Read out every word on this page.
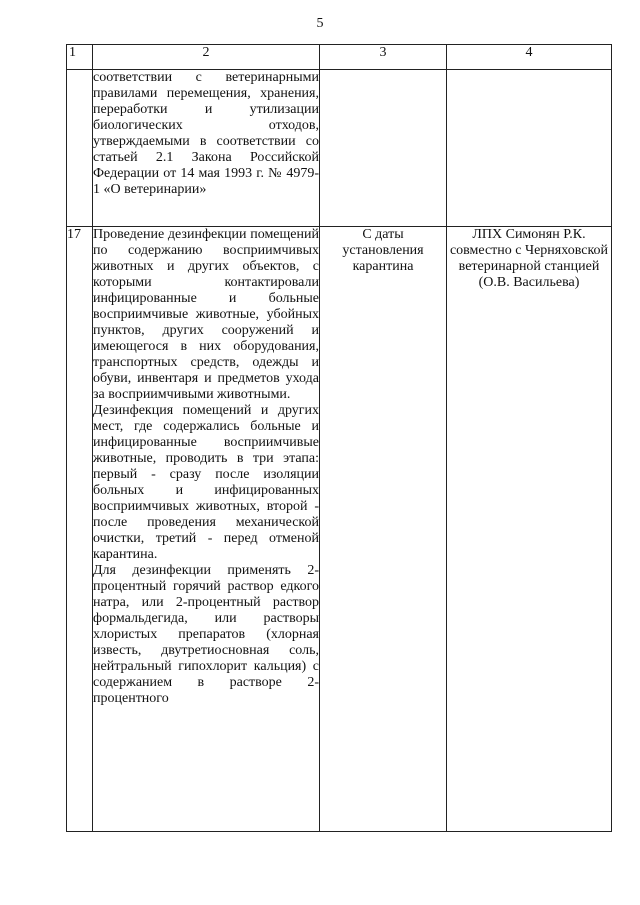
5
1	2	3	4

	соответствии с ветеринарными правилами перемещения, хранения, переработки и утилизации биологических отходов, утверждаемыми в соответствии со статьей 2.1 Закона Российской Федерации от 14 мая 1993 г. № 4979-1 «О ветеринарии»		

17	Проведение дезинфекции помещений по содержанию восприимчивых животных и других объектов, с которыми контактировали инфицированные и больные восприимчивые животные, убойных пунктов, других сооружений и имеющегося в них оборудования, транспортных средств, одежды и обуви, инвентаря и предметов ухода за восприимчивыми животными.

Дезинфекция помещений и других мест, где содержались больные и инфицированные восприимчивые животные, проводить в три этапа: первый - сразу после изоляции больных и инфицированных восприимчивых животных, второй - после проведения механической очистки, третий - перед отменой карантина.

Для дезинфекции применять 2-процентный горячий раствор едкого натра, или 2-процентный раствор формальдегида, или растворы хлористых препаратов (хлорная известь, двутретиосновная соль, нейтральный гипохлорит кальция) с содержанием в растворе 2-процентного	С даты установления карантина	ЛПХ Симонян Р.К. совместно с Черняховской ветеринарной станцией (О.В. Васильева)
